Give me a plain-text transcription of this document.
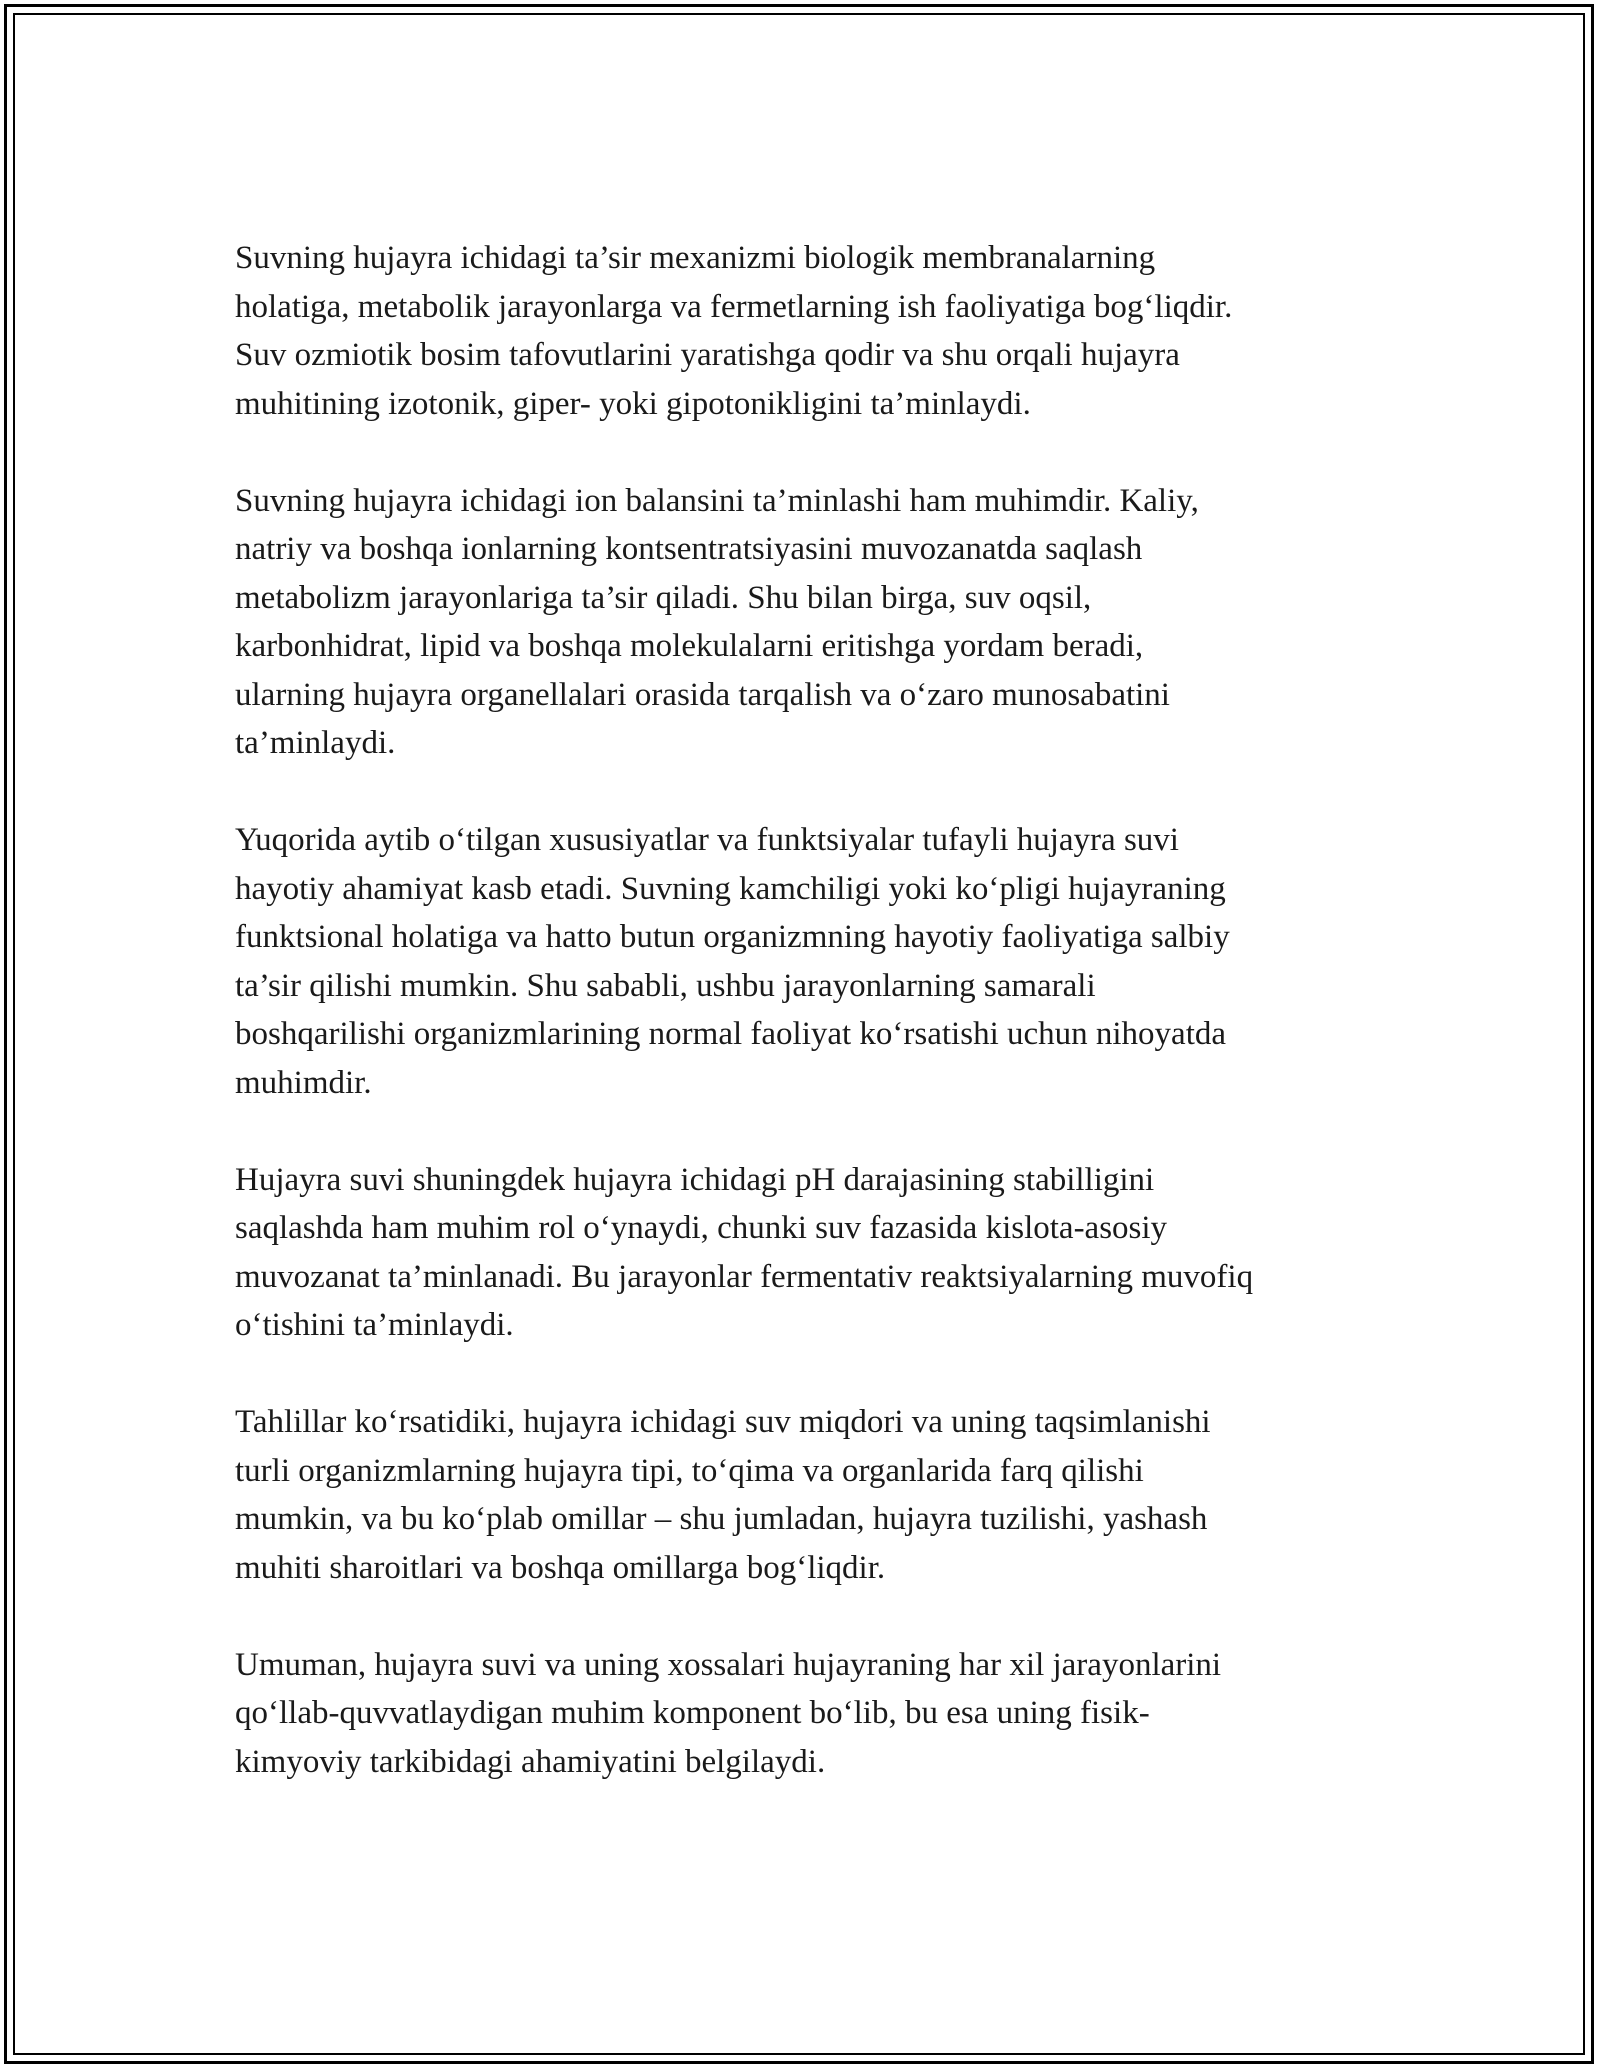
Suvning hujayra ichidagi ta’sir mexanizmi biologik membranalarning
holatiga, metabolik jarayonlarga va fermetlarning ish faoliyatiga bog‘liqdir.
Suv ozmiotik bosim tafovutlarini yaratishga qodir va shu orqali hujayra
muhitining izotonik, giper- yoki gipotonikligini ta’minlaydi.

Suvning hujayra ichidagi ion balansini ta’minlashi ham muhimdir. Kaliy,
natriy va boshqa ionlarning kontsentratsiyasini muvozanatda saqlash
metabolizm jarayonlariga ta’sir qiladi. Shu bilan birga, suv oqsil,
karbonhidrat, lipid va boshqa molekulalarni eritishga yordam beradi,
ularning hujayra organellalari orasida tarqalish va o‘zaro munosabatini
ta’minlaydi.

Yuqorida aytib o‘tilgan xususiyatlar va funktsiyalar tufayli hujayra suvi
hayotiy ahamiyat kasb etadi. Suvning kamchiligi yoki ko‘pligi hujayraning
funktsional holatiga va hatto butun organizmning hayotiy faoliyatiga salbiy
ta’sir qilishi mumkin. Shu sababli, ushbu jarayonlarning samarali
boshqarilishi organizmlarining normal faoliyat ko‘rsatishi uchun nihoyatda
muhimdir.

Hujayra suvi shuningdek hujayra ichidagi pH darajasining stabilligini
saqlashda ham muhim rol o‘ynaydi, chunki suv fazasida kislota-asosiy
muvozanat ta’minlanadi. Bu jarayonlar fermentativ reaktsiyalarning muvofiq
o‘tishini ta’minlaydi.

Tahlillar ko‘rsatidiki, hujayra ichidagi suv miqdori va uning taqsimlanishi
turli organizmlarning hujayra tipi, to‘qima va organlarida farq qilishi
mumkin, va bu ko‘plab omillar – shu jumladan, hujayra tuzilishi, yashash
muhiti sharoitlari va boshqa omillarga bog‘liqdir.

Umuman, hujayra suvi va uning xossalari hujayraning har xil jarayonlarini
qo‘llab-quvvatlaydigan muhim komponent bo‘lib, bu esa uning fisik-
kimyoviy tarkibidagi ahamiyatini belgilaydi.
